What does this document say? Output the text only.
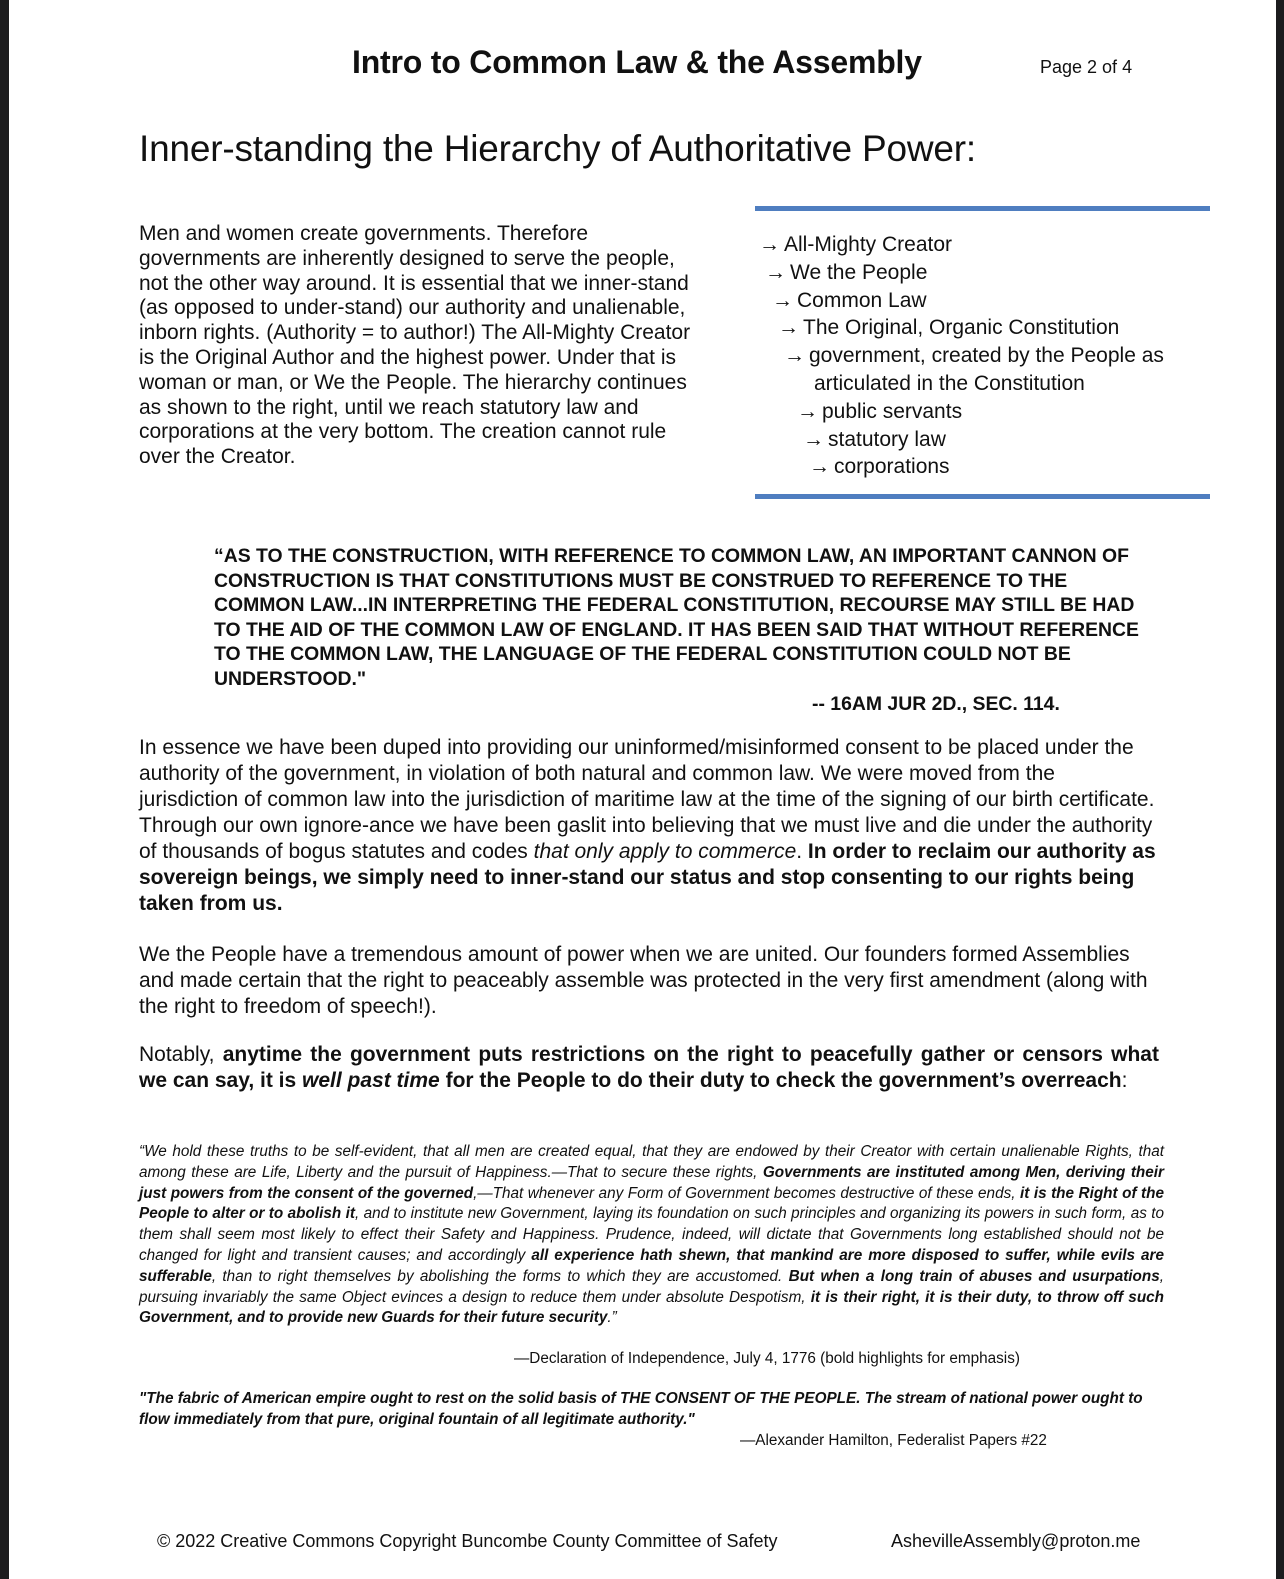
Intro to Common Law & the Assembly	Page 2 of 4
Inner-standing the Hierarchy of Authoritative Power:
Men and women create governments. Therefore governments are inherently designed to serve the people, not the other way around. It is essential that we inner-stand (as opposed to under-stand) our authority and unalienable, inborn rights. (Authority = to author!) The All-Mighty Creator is the Original Author and the highest power. Under that is woman or man, or We the People. The hierarchy continues as shown to the right, until we reach statutory law and corporations at the very bottom. The creation cannot rule over the Creator.
→ All-Mighty Creator
→ We the People
→ Common Law
→ The Original, Organic Constitution
→ government, created by the People as
articulated in the Constitution
→ public servants
→ statutory law
→ corporations
“AS TO THE CONSTRUCTION, WITH REFERENCE TO COMMON LAW, AN IMPORTANT CANNON OF CONSTRUCTION IS THAT CONSTITUTIONS MUST BE CONSTRUED TO REFERENCE TO THE COMMON LAW...IN INTERPRETING THE FEDERAL CONSTITUTION, RECOURSE MAY STILL BE HAD TO THE AID OF THE COMMON LAW OF ENGLAND. IT HAS BEEN SAID THAT WITHOUT REFERENCE TO THE COMMON LAW, THE LANGUAGE OF THE FEDERAL CONSTITUTION COULD NOT BE UNDERSTOOD."
-- 16AM JUR 2D., SEC. 114.
In essence we have been duped into providing our uninformed/misinformed consent to be placed under the authority of the government, in violation of both natural and common law. We were moved from the jurisdiction of common law into the jurisdiction of maritime law at the time of the signing of our birth certificate. Through our own ignore-ance we have been gaslit into believing that we must live and die under the authority of thousands of bogus statutes and codes that only apply to commerce. In order to reclaim our authority as sovereign beings, we simply need to inner-stand our status and stop consenting to our rights being taken from us.
We the People have a tremendous amount of power when we are united. Our founders formed Assemblies and made certain that the right to peaceably assemble was protected in the very first amendment (along with the right to freedom of speech!).
Notably, anytime the government puts restrictions on the right to peacefully gather or censors what we can say, it is well past time for the People to do their duty to check the government’s overreach:
“We hold these truths to be self-evident, that all men are created equal, that they are endowed by their Creator with certain unalienable Rights, that among these are Life, Liberty and the pursuit of Happiness.—That to secure these rights, Governments are instituted among Men, deriving their just powers from the consent of the governed,—That whenever any Form of Government becomes destructive of these ends, it is the Right of the People to alter or to abolish it, and to institute new Government, laying its foundation on such principles and organizing its powers in such form, as to them shall seem most likely to effect their Safety and Happiness. Prudence, indeed, will dictate that Governments long established should not be changed for light and transient causes; and accordingly all experience hath shewn, that mankind are more disposed to suffer, while evils are sufferable, than to right themselves by abolishing the forms to which they are accustomed. But when a long train of abuses and usurpations, pursuing invariably the same Object evinces a design to reduce them under absolute Despotism, it is their right, it is their duty, to throw off such Government, and to provide new Guards for their future security.”
—Declaration of Independence, July 4, 1776 (bold highlights for emphasis)
"The fabric of American empire ought to rest on the solid basis of THE CONSENT OF THE PEOPLE. The stream of national power ought to flow immediately from that pure, original fountain of all legitimate authority."
—Alexander Hamilton, Federalist Papers #22
© 2022 Creative Commons Copyright Buncombe County Committee of Safety	AshevilleAssembly@proton.me
